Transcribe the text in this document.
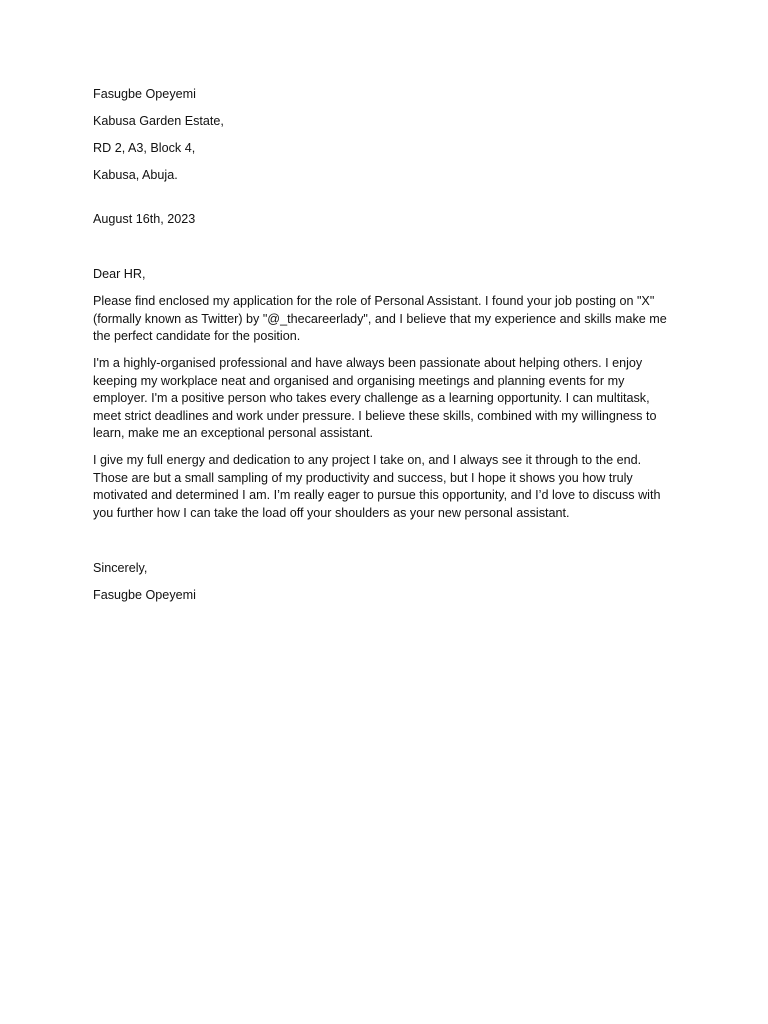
Fasugbe Opeyemi

Kabusa Garden Estate,

RD 2, A3, Block 4,

Kabusa, Abuja.

August 16th, 2023

Dear HR,

Please find enclosed my application for the role of Personal Assistant. I found your job posting on "X" (formally known as Twitter) by "@_thecareerlady", and I believe that my experience and skills make me the perfect candidate for the position.

I'm a highly-organised professional and have always been passionate about helping others. I enjoy keeping my workplace neat and organised and organising meetings and planning events for my employer. I'm a positive person who takes every challenge as a learning opportunity. I can multitask, meet strict deadlines and work under pressure. I believe these skills, combined with my willingness to learn, make me an exceptional personal assistant.

I give my full energy and dedication to any project I take on, and I always see it through to the end. Those are but a small sampling of my productivity and success, but I hope it shows you how truly motivated and determined I am. I’m really eager to pursue this opportunity, and I’d love to discuss with you further how I can take the load off your shoulders as your new personal assistant.

Sincerely,

Fasugbe Opeyemi
